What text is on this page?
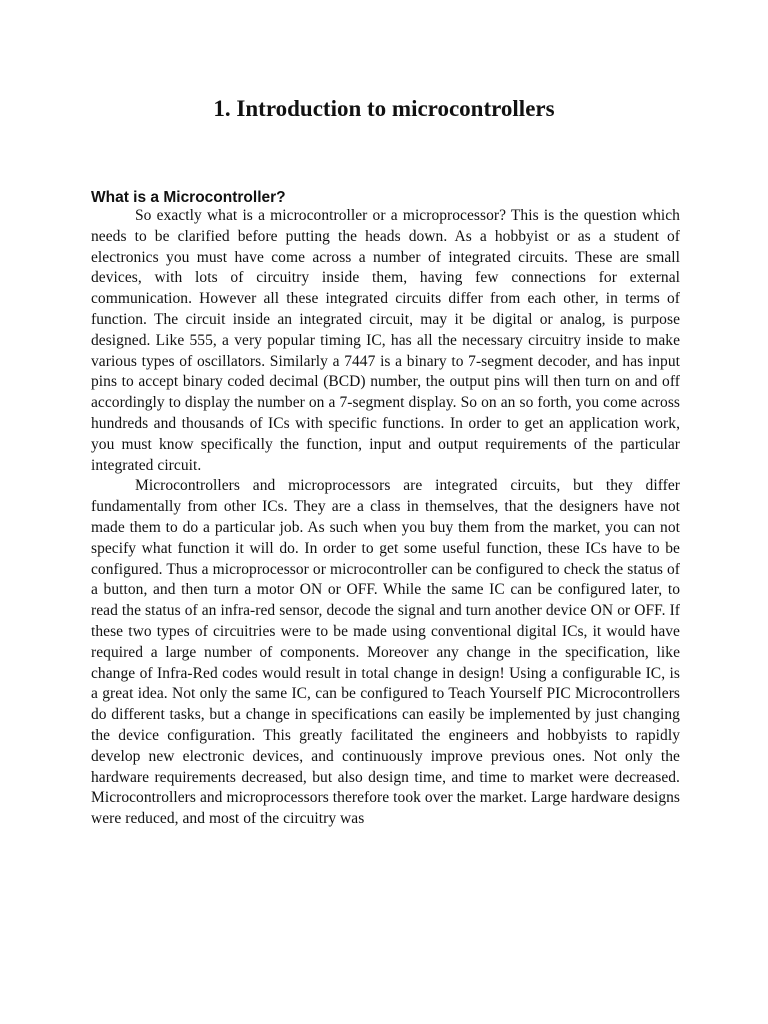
1. Introduction to microcontrollers
What is a Microcontroller?

So exactly what is a microcontroller or a microprocessor? This is the question which needs to be clarified before putting the heads down. As a hobbyist or as a student of electronics you must have come across a number of integrated circuits. These are small devices, with lots of circuitry inside them, having few connections for external communication. However all these integrated circuits differ from each other, in terms of function. The circuit inside an integrated circuit, may it be digital or analog, is purpose designed. Like 555, a very popular timing IC, has all the necessary circuitry inside to make various types of oscillators. Similarly a 7447 is a binary to 7-segment decoder, and has input pins to accept binary coded decimal (BCD) number, the output pins will then turn on and off accordingly to display the number on a 7-segment display. So on an so forth, you come across hundreds and thousands of ICs with specific functions. In order to get an application work, you must know specifically the function, input and output requirements of the particular integrated circuit.

Microcontrollers and microprocessors are integrated circuits, but they differ fundamentally from other ICs. They are a class in themselves, that the designers have not made them to do a particular job. As such when you buy them from the market, you can not specify what function it will do. In order to get some useful function, these ICs have to be configured. Thus a microprocessor or microcontroller can be configured to check the status of a button, and then turn a motor ON or OFF. While the same IC can be configured later, to read the status of an infra-red sensor, decode the signal and turn another device ON or OFF. If these two types of circuitries were to be made using conventional digital ICs, it would have required a large number of components. Moreover any change in the specification, like change of Infra-Red codes would result in total change in design! Using a configurable IC, is a great idea. Not only the same IC, can be configured to Teach Yourself PIC Microcontrollers do different tasks, but a change in specifications can easily be implemented by just changing the device configuration. This greatly facilitated the engineers and hobbyists to rapidly develop new electronic devices, and continuously improve previous ones. Not only the hardware requirements decreased, but also design time, and time to market were decreased. Microcontrollers and microprocessors therefore took over the market. Large hardware designs were reduced, and most of the circuitry was
